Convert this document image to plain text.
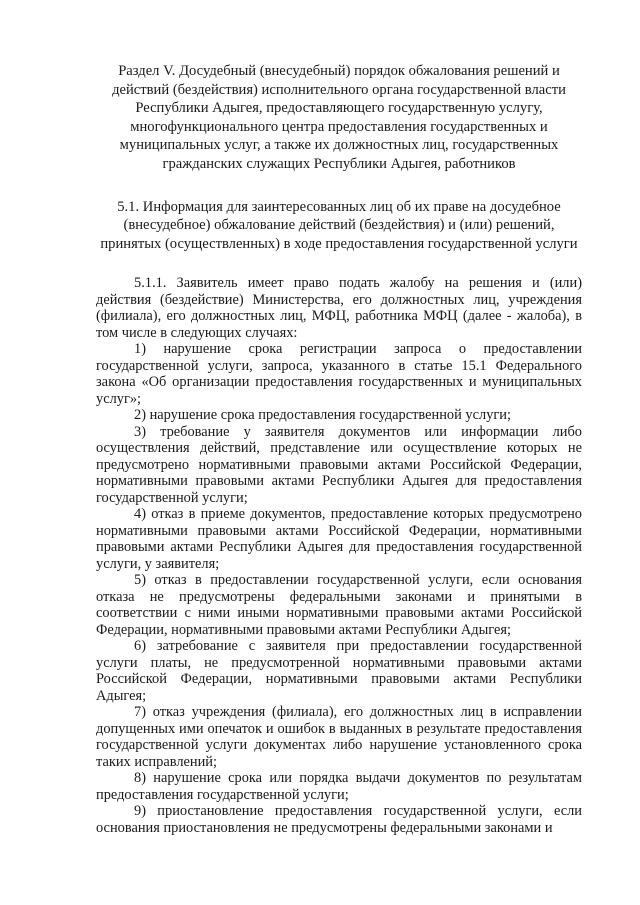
Раздел V. Досудебный (внесудебный) порядок обжалования решений и действий (бездействия) исполнительного органа государственной власти Республики Адыгея, предоставляющего государственную услугу, многофункционального центра предоставления государственных и муниципальных услуг, а также их должностных лиц, государственных гражданских служащих Республики Адыгея, работников
5.1. Информация для заинтересованных лиц об их праве на досудебное (внесудебное) обжалование действий (бездействия) и (или) решений, принятых (осуществленных) в ходе предоставления государственной услуги

5.1.1. Заявитель имеет право подать жалобу на решения и (или) действия (бездействие) Министерства, его должностных лиц, учреждения (филиала), его должностных лиц, МФЦ, работника МФЦ (далее - жалоба), в том числе в следующих случаях:

1) нарушение срока регистрации запроса о предоставлении государственной услуги, запроса, указанного в статье 15.1 Федерального закона «Об организации предоставления государственных и муниципальных услуг»;

2) нарушение срока предоставления государственной услуги;

3) требование у заявителя документов или информации либо осуществления действий, представление или осуществление которых не предусмотрено нормативными правовыми актами Российской Федерации, нормативными правовыми актами Республики Адыгея для предоставления государственной услуги;

4) отказ в приеме документов, предоставление которых предусмотрено нормативными правовыми актами Российской Федерации, нормативными правовыми актами Республики Адыгея для предоставления государственной услуги, у заявителя;

5) отказ в предоставлении государственной услуги, если основания отказа не предусмотрены федеральными законами и принятыми в соответствии с ними иными нормативными правовыми актами Российской Федерации, нормативными правовыми актами Республики Адыгея;

6) затребование с заявителя при предоставлении государственной услуги платы, не предусмотренной нормативными правовыми актами Российской Федерации, нормативными правовыми актами Республики Адыгея;

7) отказ учреждения (филиала), его должностных лиц в исправлении допущенных ими опечаток и ошибок в выданных в результате предоставления государственной услуги документах либо нарушение установленного срока таких исправлений;

8) нарушение срока или порядка выдачи документов по результатам предоставления государственной услуги;

9) приостановление предоставления государственной услуги, если основания приостановления не предусмотрены федеральными законами и
